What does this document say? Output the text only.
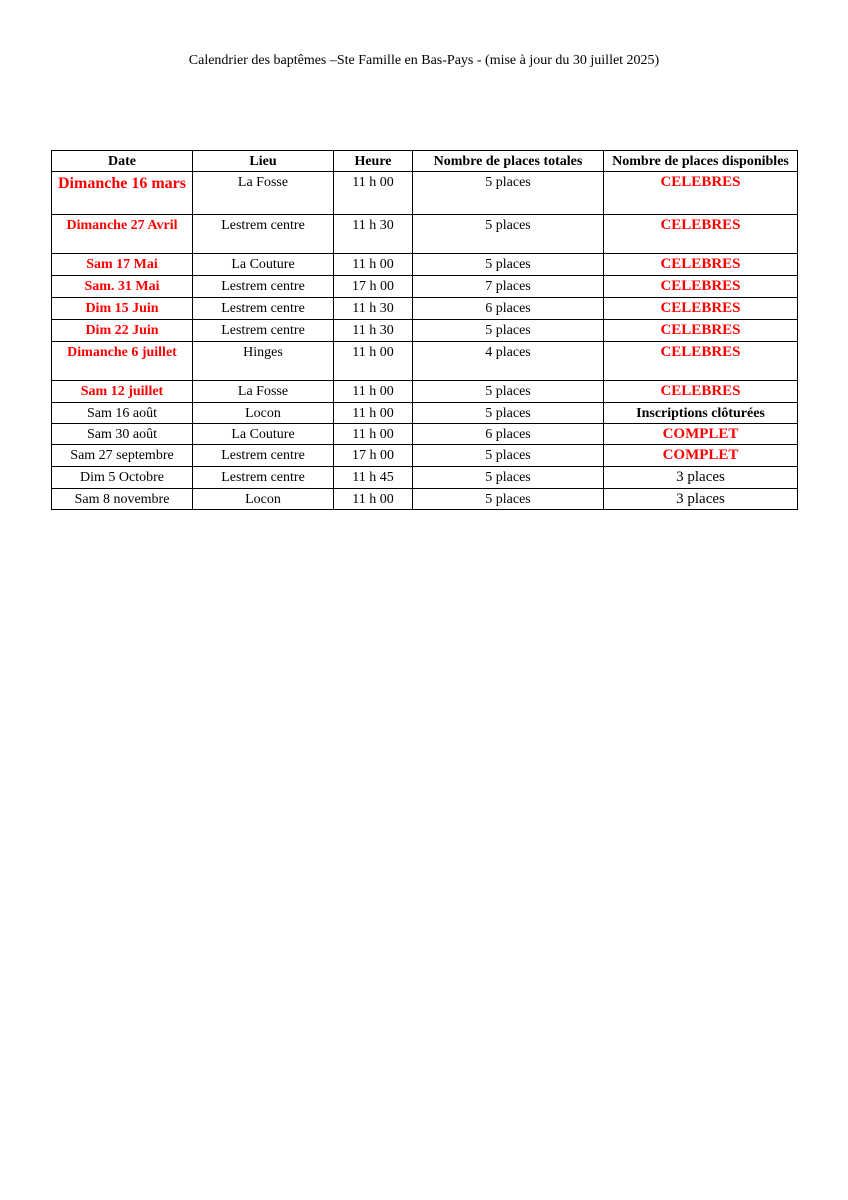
Calendrier des baptêmes –Ste Famille en Bas-Pays - (mise à jour du 30 juillet 2025)
Date	Lieu	Heure	Nombre de places totales	Nombre de places disponibles
Dimanche 16 mars	La Fosse	11 h 00	5 places	CELEBRES
Dimanche 27 Avril	Lestrem centre	11 h 30	5 places	CELEBRES
Sam 17 Mai	La Couture	11 h 00	5 places	CELEBRES
Sam. 31 Mai	Lestrem centre	17 h 00	7 places	CELEBRES
Dim 15 Juin	Lestrem centre	11 h 30	6 places	CELEBRES
Dim 22 Juin	Lestrem centre	11 h 30	5 places	CELEBRES
Dimanche 6 juillet	Hinges	11 h 00	4 places	CELEBRES
Sam 12 juillet	La Fosse	11 h 00	5 places	CELEBRES
Sam 16 août	Locon	11 h 00	5 places	Inscriptions clôturées
Sam 30 août	La Couture	11 h 00	6 places	COMPLET
Sam 27 septembre	Lestrem centre	17 h 00	5 places	COMPLET
Dim 5 Octobre	Lestrem centre	11 h 45	5 places	3 places
Sam 8 novembre	Locon	11 h 00	5 places	3 places
